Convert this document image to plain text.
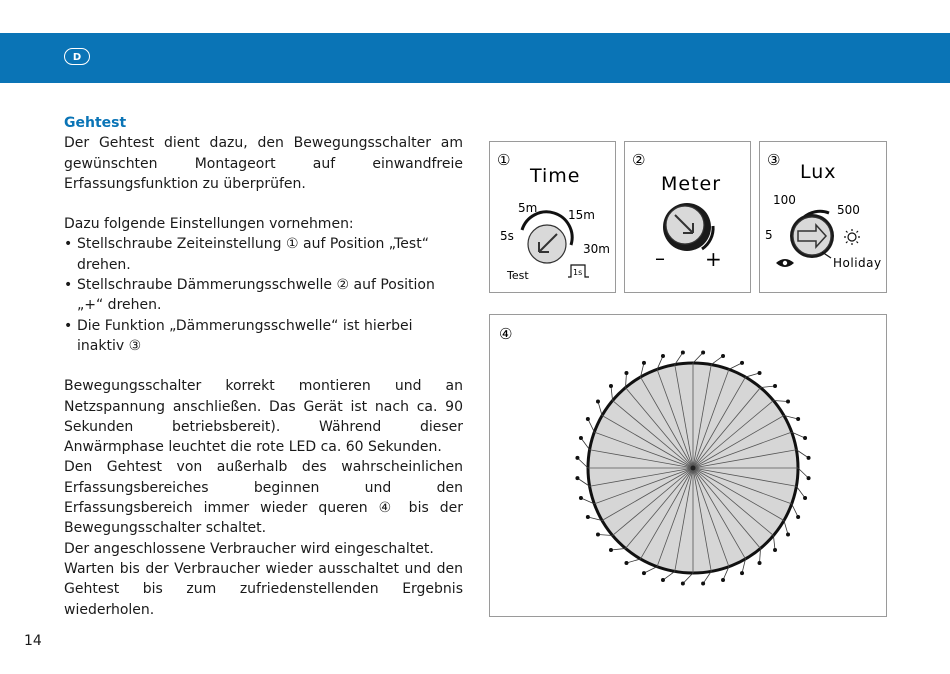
D

Gehtest

Der Gehtest dient dazu, den Bewegungsschalter am gewünschten Montageort auf einwandfreie Erfassungsfunktion zu überprüfen.

Dazu folgende Einstellungen vornehmen:

• Stellschraube Zeiteinstellung ① auf Position „Test“ drehen.
• Stellschraube Dämmerungsschwelle ② auf Position „+“ drehen.
• Die Funktion „Dämmerungsschwelle“ ist hierbei inaktiv ③

Bewegungsschalter korrekt montieren und an Netzspannung anschließen. Das Gerät ist nach ca. 90 Sekunden betriebsbereit). Während dieser Anwärmphase leuchtet die rote LED ca. 60 Sekunden.

Den Gehtest von außerhalb des wahrscheinlichen Erfassungsbereiches beginnen und den Erfassungsbereich immer wieder queren ④ bis der Bewegungsschalter schaltet.

Der angeschlossene Verbraucher wird eingeschaltet.

Warten bis der Verbraucher wieder ausschaltet und den Gehtest bis zum zufriedenstellenden Ergebnis wiederholen.

14
①
Time
5m	15m
5s
30m
Test	1s
②
Meter
– +
③
Lux
100
500
5
Holiday
④
